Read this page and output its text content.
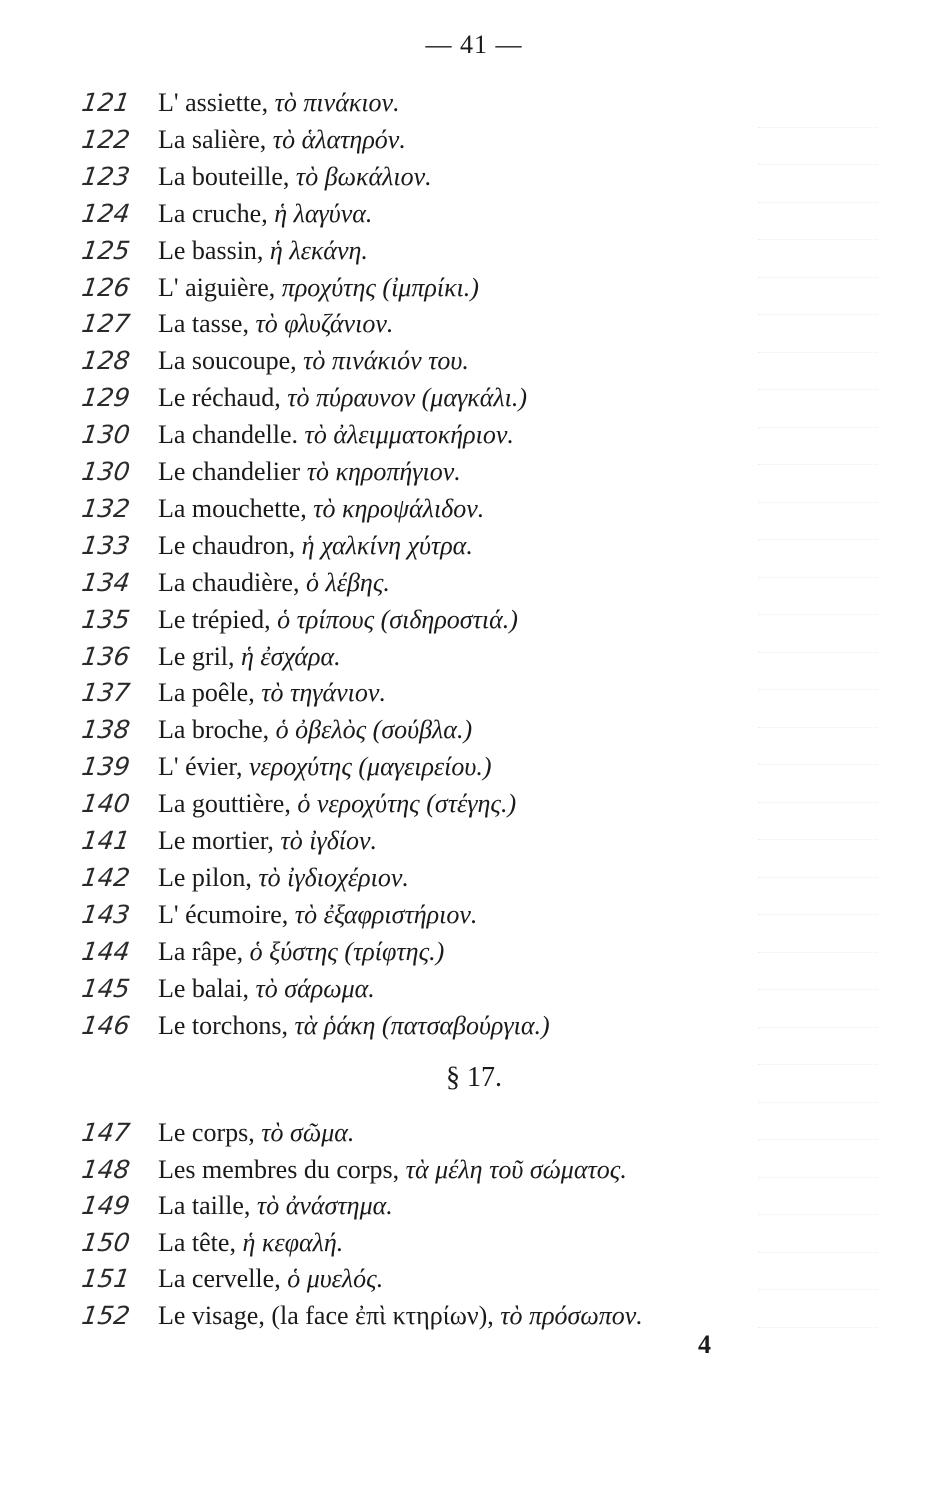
— 41 —
121	L' assiette, τὸ πινάκιον.
122	La salière, τὸ ἁλατηρόν.
123	La bouteille, τὸ βωκάλιον.
124	La cruche, ἡ λαγύνα.
125	Le bassin, ἡ λεκάνη.
126	L' aiguière, προχύτης (ἰμπρίκι.)
127	La tasse, τὸ φλυζάνιον.
128	La soucoupe, τὸ πινάκιόν του.
129	Le réchaud, τὸ πύραυνον (μαγκάλι.)
130	La chandelle. τὸ ἀλειμματοκήριον.
130	Le chandelier τὸ κηροπήγιον.
132	La mouchette, τὸ κηροψάλιδον.
133	Le chaudron, ἡ χαλκίνη χύτρα.
134	La chaudière, ὁ λέβης.
135	Le trépied, ὁ τρίπους (σιδηροστιά.)
136	Le gril, ἡ ἐσχάρα.
137	La poêle, τὸ τηγάνιον.
138	La broche, ὁ ὀβελὸς (σούβλα.)
139	L' évier, νεροχύτης (μαγειρείου.)
140	La gouttière, ὁ νεροχύτης (στέγης.)
141	Le mortier, τὸ ἰγδίον.
142	Le pilon, τὸ ἰγδιοχέριον.
143	L' écumoire, τὸ ἐξαφριστήριον.
144	La râpe, ὁ ξύστης (τρίφτης.)
145	Le balai, τὸ σάρωμα.
146	Le torchons, τὰ ῥάκη (πατσαβούργια.)
§ 17.
147	Le corps, τὸ σῶμα.
148	Les membres du corps, τὰ μέλη τοῦ σώματος.
149	La taille, τὸ ἀνάστημα.
150	La tête, ἡ κεφαλή.
151	La cervelle, ὁ μυελός.
152	Le visage, (la face ἐπὶ κτηρίων), τὸ πρόσωπον.
4
